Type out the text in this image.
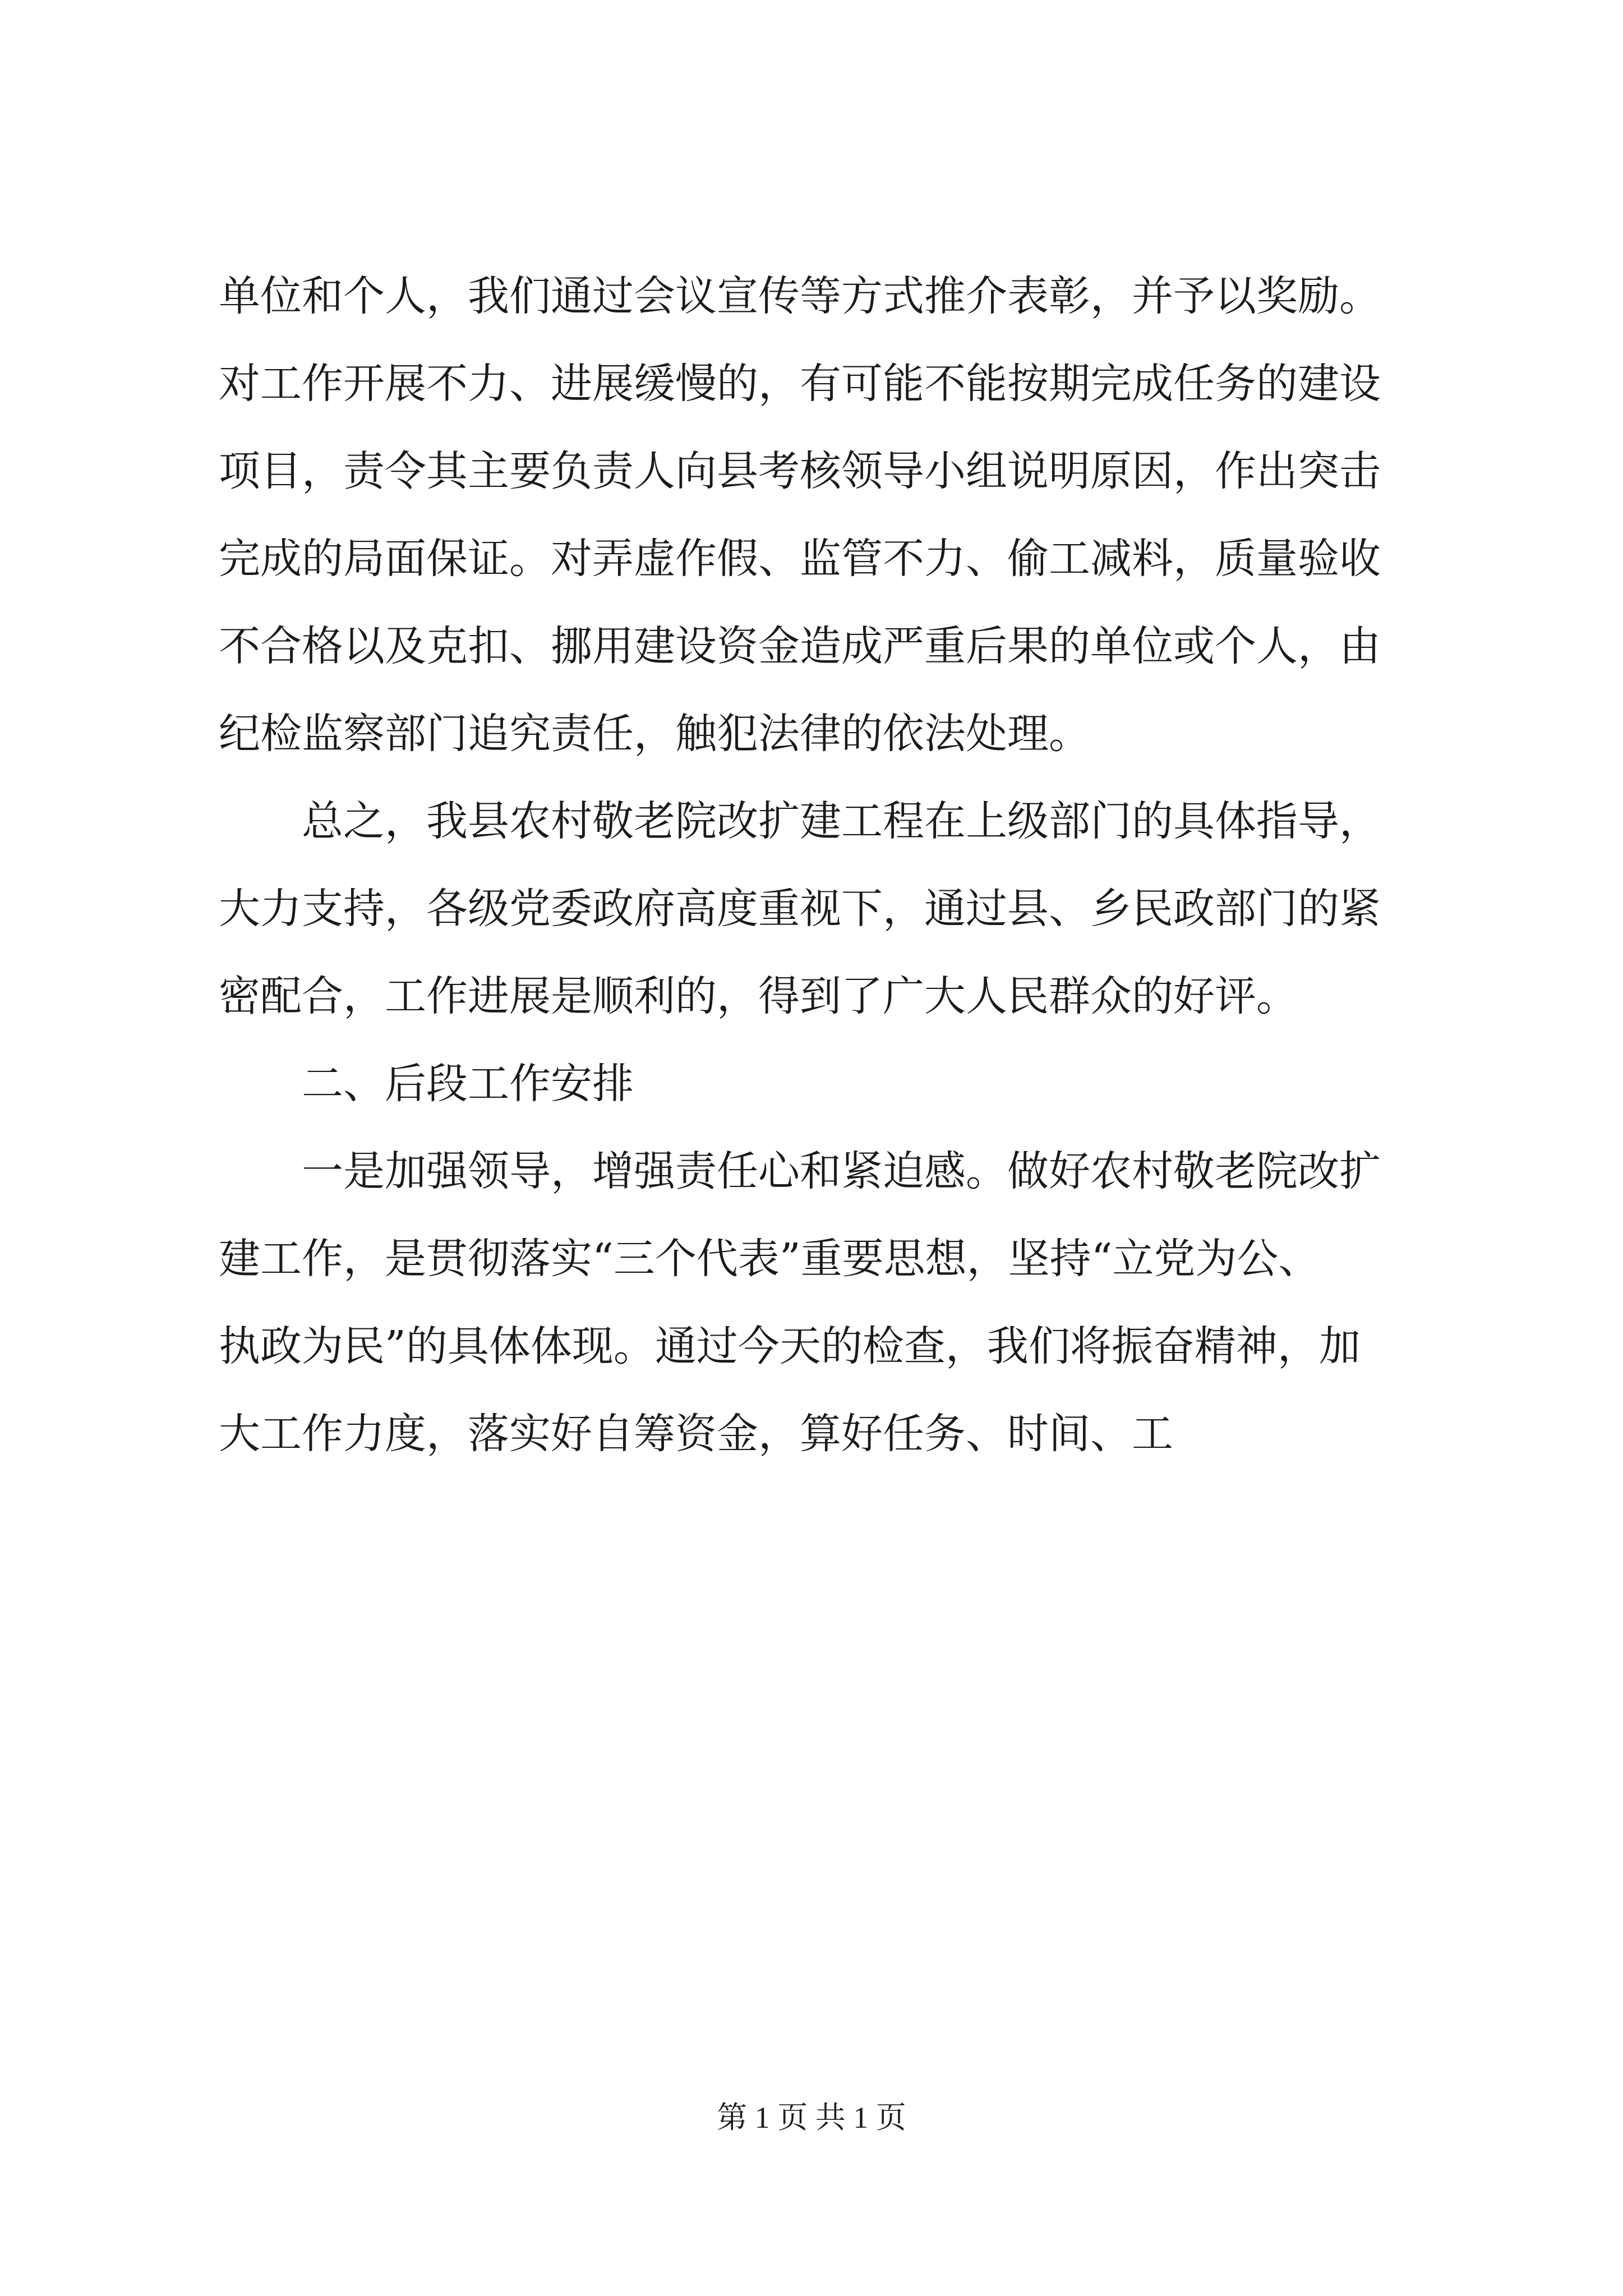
单位和个人，我们通过会议宣传等方式推介表彰，并予以奖励。
对工作开展不力、进展缓慢的，有可能不能按期完成任务的建设
项目，责令其主要负责人向县考核领导小组说明原因，作出突击
完成的局面保证。对弄虚作假、监管不力、偷工减料，质量验收
不合格以及克扣、挪用建设资金造成严重后果的单位或个人，由
纪检监察部门追究责任，触犯法律的依法处理。
总之，我县农村敬老院改扩建工程在上级部门的具体指导，
大力支持，各级党委政府高度重视下，通过县、乡民政部门的紧
密配合，工作进展是顺利的，得到了广大人民群众的好评。
二、后段工作安排
一是加强领导，增强责任心和紧迫感。做好农村敬老院改扩
建工作，是贯彻落实“三个代表”重要思想，坚持“立党为公、
执政为民”的具体体现。通过今天的检查，我们将振奋精神，加
大工作力度，落实好自筹资金，算好任务、时间、工
第 1 页 共 1 页
